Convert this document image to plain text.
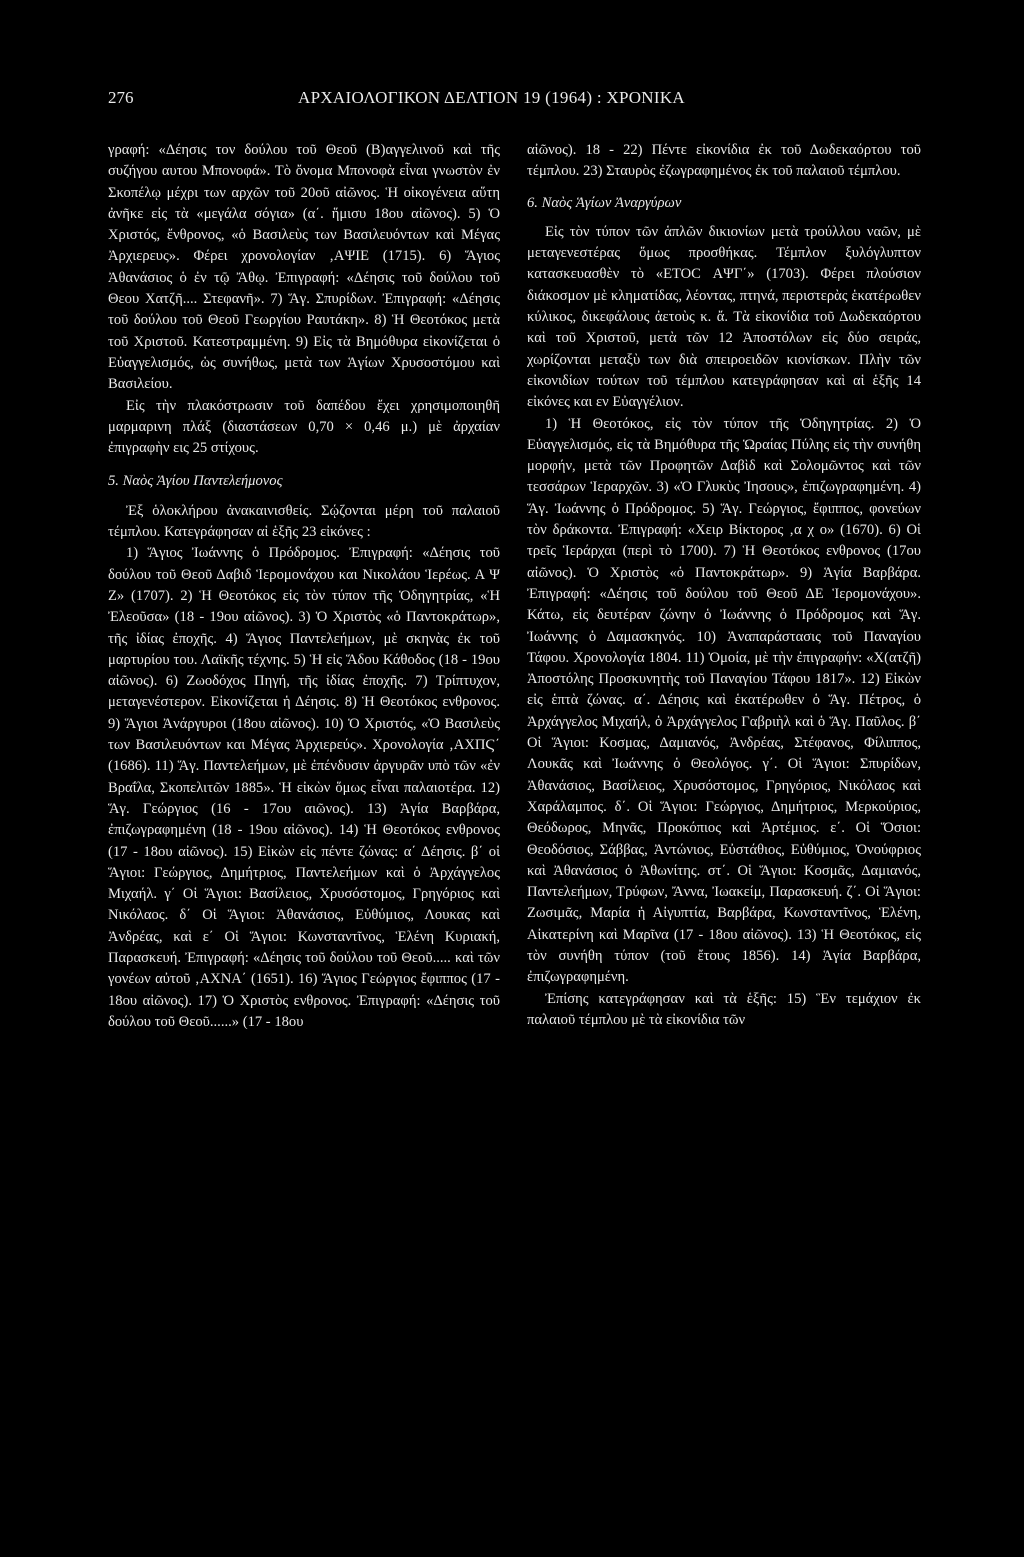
276	ΑΡΧΑΙΟΛΟΓΙΚΟΝ ΔΕΛΤΙΟΝ 19 (1964) : ΧΡΟΝΙΚΑ

γραφή: «Δέησις τον δούλου τοῦ Θεοῦ (Β)αγγελινοῦ καὶ τῆς συζήγου αυτου Μπονοφά». Τὸ ὄνομα Μπονοφὰ εἶναι γνωστὸν ἐν Σκοπέλῳ μέχρι των αρχῶν τοῦ 20οῦ αἰῶνος. Ἡ οἰκογένεια αὕτη ἀνῆκε εἰς τὰ «μεγάλα σόγια» (α΄. ἥμισυ 18ου αἰῶνος). 5) Ὁ Χριστός, ἔνθρονος, «ὁ Βασιλεὺς των Βασιλευόντων καὶ Μέγας Ἀρχιερευς». Φέρει χρονολογίαν ‚ΑΨΙΕ (1715). 6) Ἅγιος Ἀθανάσιος ὁ ἐν τῷ Ἄθῳ. Ἐπιγραφή: «Δέησις τοῦ δούλου τοῦ Θεου Χατζῆ.... Στεφανῆ». 7) Ἅγ. Σπυρίδων. Ἐπιγραφή: «Δέησις τοῦ δούλου τοῦ Θεοῦ Γεωργίου Ραυτάκη». 8) Ἡ Θεοτόκος μετὰ τοῦ Χριστοῦ. Κατεστραμμένη. 9) Εἰς τὰ Βημόθυρα εἰκονίζεται ὁ Εὐαγγελισμός, ὡς συνήθως, μετὰ των Ἁγίων Χρυσοστόμου καὶ Βασιλείου.

Εἰς τὴν πλακόστρωσιν τοῦ δαπέδου ἔχει χρησιμοποιηθῆ μαρμαρινη πλάξ (διαστάσεων 0,70 × 0,46 μ.) μὲ ἀρχαίαν ἐπιγραφὴν εις 25 στίχους.

5. Ναὸς Ἁγίου Παντελεήμονος

Ἐξ ὁλοκλήρου ἀνακαινισθείς. Σῴζονται μέρη τοῦ παλαιοῦ τέμπλου. Κατεγράφησαν αἱ ἑξῆς 23 εἰκόνες :

1) Ἅγιος Ἰωάννης ὁ Πρόδρομος. Ἐπιγραφή: «Δέησις τοῦ δούλου τοῦ Θεοῦ Δαβιδ Ἱερομονάχου και Νικολάου Ἱερέως. Α Ψ Ζ» (1707). 2) Ἡ Θεοτόκος εἰς τὸν τύπον τῆς Ὁδηγητρίας, «Ἡ Ἐλεοῦσα» (18 - 19ου αἰῶνος). 3) Ὁ Χριστὸς «ὁ Παντοκράτωρ», τῆς ἰδίας ἐποχῆς. 4) Ἅγιος Παντελεήμων, μὲ σκηνὰς ἐκ τοῦ μαρτυρίου του. Λαϊκῆς τέχνης. 5) Ἡ εἰς Ἅδου Κάθοδος (18 - 19ου αἰῶνος). 6) Ζωοδόχος Πηγή, τῆς ἰδίας ἐποχῆς. 7) Τρίπτυχον, μεταγενέστερον. Εἰκονίζεται ἡ Δέησις. 8) Ἡ Θεοτόκος ενθρονος. 9) Ἅγιοι Ἀνάργυροι (18ου αἰῶνος). 10) Ὁ Χριστός, «Ὁ Βασιλεὺς των Βασιλευόντων και Μέγας Ἀρχιερεύς». Χρονολογία ‚ΑΧΠϚ΄ (1686). 11) Ἅγ. Παντελεήμων, μὲ ἐπένδυσιν ἀργυρᾶν υπὸ τῶν «ἐν Βραΐλα, Σκοπελιτῶν 1885». Ἡ εἰκὼν ὅμως εἶναι παλαιοτέρα. 12) Ἅγ. Γεώργιος (16 - 17ου αιῶνος). 13) Ἁγία Βαρβάρα, ἐπιζωγραφημένη (18 - 19ου αἰῶνος). 14) Ἡ Θεοτόκος ενθρονος (17 - 18ου αἰῶνος). 15) Εἰκὼν εἰς πέντε ζώνας: α΄ Δέησις. β΄ οἱ Ἅγιοι: Γεώργιος, Δημήτριος, Παντελεήμων καὶ ὁ Ἀρχάγγελος Μιχαήλ. γ΄ Οἱ Ἅγιοι: Βασίλειος, Χρυσόστομος, Γρηγόριος καὶ Νικόλαος. δ΄ Οἱ Ἅγιοι: Ἀθανάσιος, Εὐθύμιος, Λουκας καὶ Ἀνδρέας, καὶ ε΄ Οἱ Ἅγιοι: Κωνσταντῖνος, Ἑλένη Κυριακή, Παρασκευή. Ἐπιγραφή: «Δέησις τοῦ δούλου τοῦ Θεοῦ..... καὶ τῶν γονέων αὐτοῦ ‚ΑΧΝΑ΄ (1651). 16) Ἅγιος Γεώργιος ἔφιππος (17 - 18ου αἰῶνος). 17) Ὁ Χριστὸς ενθρονος. Ἐπιγραφή: «Δέησις τοῦ δούλου τοῦ Θεοῦ......» (17 - 18ου

αἰῶνος). 18 - 22) Πέντε εἰκονίδια ἐκ τοῦ Δωδεκαόρτου τοῦ τέμπλου. 23) Σταυρὸς ἐζωγραφημένος ἐκ τοῦ παλαιοῦ τέμπλου.

6. Ναὸς Ἁγίων Ἀναργύρων

Εἰς τὸν τύπον τῶν ἁπλῶν δικιονίων μετὰ τρούλλου ναῶν, μὲ μεταγενεστέρας ὅμως προσθήκας. Τέμπλον ξυλόγλυπτον κατασκευασθὲν τὸ «ΕΤΟC ΑΨΓ΄» (1703). Φέρει πλούσιον διάκοσμον μὲ κληματίδας, λέοντας, πτηνά, περιστερὰς ἑκατέρωθεν κύλικος, δικεφάλους ἀετοὺς κ. ἄ. Τὰ εἰκονίδια τοῦ Δωδεκαόρτου καὶ τοῦ Χριστοῦ, μετὰ τῶν 12 Ἀποστόλων εἰς δύο σειράς, χωρίζονται μεταξὺ των διὰ σπειροειδῶν κιονίσκων. Πλὴν τῶν εἰκονιδίων τούτων τοῦ τέμπλου κατεγράφησαν καὶ αἱ ἑξῆς 14 εἰκόνες και εν Εὐαγγέλιον.

1) Ἡ Θεοτόκος, εἰς τὸν τύπον τῆς Ὁδηγητρίας. 2) Ὁ Εὐαγγελισμός, εἰς τὰ Βημόθυρα τῆς Ὡραίας Πύλης εἰς τὴν συνήθη μορφήν, μετὰ τῶν Προφητῶν Δαβὶδ καὶ Σολομῶντος καὶ τῶν τεσσάρων Ἱεραρχῶν. 3) «Ὁ Γλυκὺς Ἰησους», ἐπιζωγραφημένη. 4) Ἅγ. Ἰωάννης ὁ Πρόδρομος. 5) Ἅγ. Γεώργιος, ἔφιππος, φονεύων τὸν δράκοντα. Ἐπιγραφή: «Χειρ Βίκτορος ‚α χ ο» (1670). 6) Οἱ τρεῖς Ἱεράρχαι (περὶ τὸ 1700). 7) Ἡ Θεοτόκος ενθρονος (17ου αἰῶνος). Ὁ Χριστὸς «ὁ Παντοκράτωρ». 9) Ἁγία Βαρβάρα. Ἐπιγραφή: «Δέησις τοῦ δούλου τοῦ Θεοῦ ΔΕ Ἱερομονάχου». Κάτω, εἰς δευτέραν ζώνην ὁ Ἰωάννης ὁ Πρόδρομος καὶ Ἅγ. Ἰωάννης ὁ Δαμασκηνός. 10) Ἀναπαράστασις τοῦ Παναγίου Τάφου. Χρονολογία 1804. 11) Ὁμοία, μὲ τὴν ἐπιγραφήν: «Χ(ατζῆ) Ἀποστόλης Προσκυνητὴς τοῦ Παναγίου Τάφου 1817». 12) Εἰκὼν εἰς ἑπτὰ ζώνας. α΄. Δέησις καὶ ἑκατέρωθεν ὁ Ἅγ. Πέτρος, ὁ Ἀρχάγγελος Μιχαήλ, ὁ Ἀρχάγγελος Γαβριὴλ καὶ ὁ Ἅγ. Παῦλος. β΄ Οἱ Ἅγιοι: Κοσμας, Δαμιανός, Ἀνδρέας, Στέφανος, Φίλιππος, Λουκᾶς καὶ Ἰωάννης ὁ Θεολόγος. γ΄. Οἱ Ἅγιοι: Σπυρίδων, Ἀθανάσιος, Βασίλειος, Χρυσόστομος, Γρηγόριος, Νικόλαος καὶ Χαράλαμπος. δ΄. Οἱ Ἅγιοι: Γεώργιος, Δημήτριος, Μερκούριος, Θεόδωρος, Μηνᾶς, Προκόπιος καὶ Ἀρτέμιος. ε΄. Οἱ Ὅσιοι: Θεοδόσιος, Σάββας, Ἀντώνιος, Εὐστάθιος, Εὐθύμιος, Ὀνούφριος καὶ Ἀθανάσιος ὁ Ἀθωνίτης. στ΄. Οἱ Ἅγιοι: Κοσμᾶς, Δαμιανός, Παντελεήμων, Τρύφων, Ἄννα, Ἰωακείμ, Παρασκευή. ζ΄. Οἱ Ἅγιοι: Ζωσιμᾶς, Μαρία ἡ Αἰγυπτία, Βαρβάρα, Κωνσταντῖνος, Ἑλένη, Αἰκατερίνη καὶ Μαρῖνα (17 - 18ου αἰῶνος). 13) Ἡ Θεοτόκος, εἰς τὸν συνήθη τύπον (τοῦ ἔτους 1856). 14) Ἁγία Βαρβάρα, ἐπιζωγραφημένη.

Ἐπίσης κατεγράφησαν καὶ τὰ ἑξῆς: 15) Ἓν τεμάχιον ἐκ παλαιοῦ τέμπλου μὲ τὰ εἰκονίδια τῶν
